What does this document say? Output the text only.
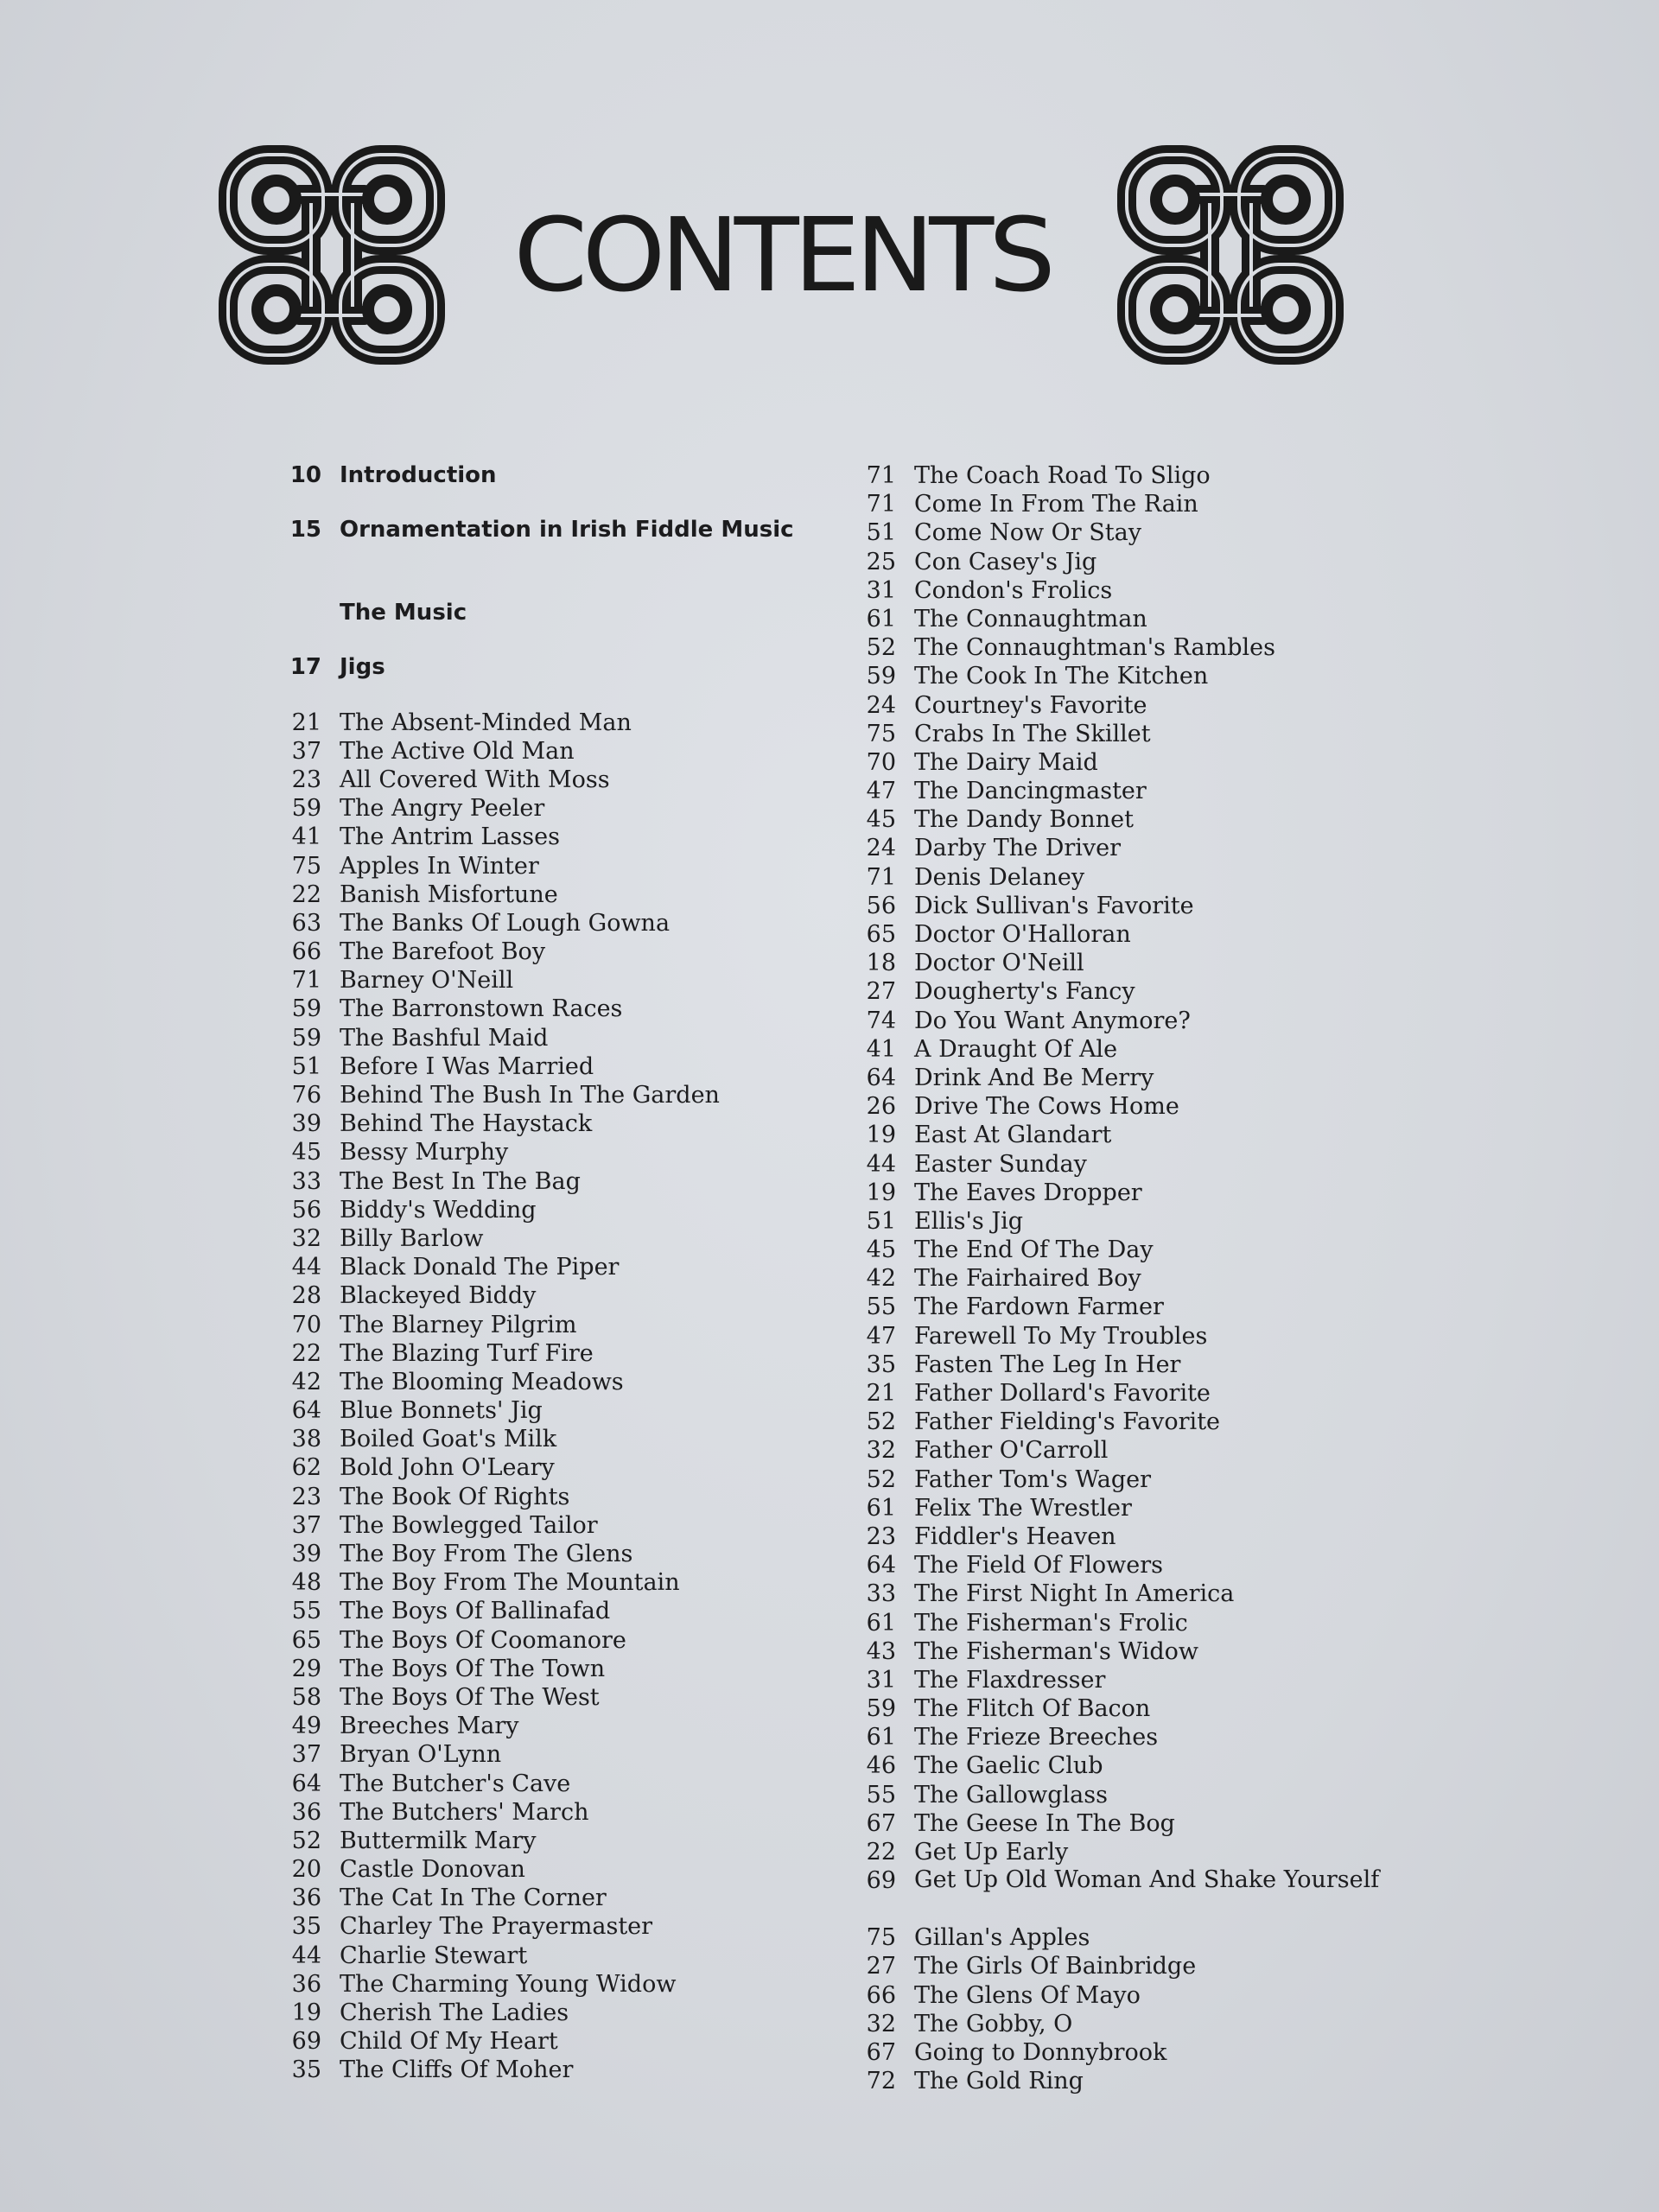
CONTENTS
10 Introduction
15 Ornamentation in Irish Fiddle Music
The Music
17 Jigs
21 The Absent-Minded Man
37 The Active Old Man
23 All Covered With Moss
59 The Angry Peeler
41 The Antrim Lasses
75 Apples In Winter
22 Banish Misfortune
63 The Banks Of Lough Gowna
66 The Barefoot Boy
71 Barney O'Neill
59 The Barronstown Races
59 The Bashful Maid
51 Before I Was Married
76 Behind The Bush In The Garden
39 Behind The Haystack
45 Bessy Murphy
33 The Best In The Bag
56 Biddy's Wedding
32 Billy Barlow
44 Black Donald The Piper
28 Blackeyed Biddy
70 The Blarney Pilgrim
22 The Blazing Turf Fire
42 The Blooming Meadows
64 Blue Bonnets' Jig
38 Boiled Goat's Milk
62 Bold John O'Leary
23 The Book Of Rights
37 The Bowlegged Tailor
39 The Boy From The Glens
48 The Boy From The Mountain
55 The Boys Of Ballinafad
65 The Boys Of Coomanore
29 The Boys Of The Town
58 The Boys Of The West
49 Breeches Mary
37 Bryan O'Lynn
64 The Butcher's Cave
36 The Butchers' March
52 Buttermilk Mary
20 Castle Donovan
36 The Cat In The Corner
35 Charley The Prayermaster
44 Charlie Stewart
36 The Charming Young Widow
19 Cherish The Ladies
69 Child Of My Heart
35 The Cliffs Of Moher
71 The Coach Road To Sligo
71 Come In From The Rain
51 Come Now Or Stay
25 Con Casey's Jig
31 Condon's Frolics
61 The Connaughtman
52 The Connaughtman's Rambles
59 The Cook In The Kitchen
24 Courtney's Favorite
75 Crabs In The Skillet
70 The Dairy Maid
47 The Dancingmaster
45 The Dandy Bonnet
24 Darby The Driver
71 Denis Delaney
56 Dick Sullivan's Favorite
65 Doctor O'Halloran
18 Doctor O'Neill
27 Dougherty's Fancy
74 Do You Want Anymore?
41 A Draught Of Ale
64 Drink And Be Merry
26 Drive The Cows Home
19 East At Glandart
44 Easter Sunday
19 The Eaves Dropper
51 Ellis's Jig
45 The End Of The Day
42 The Fairhaired Boy
55 The Fardown Farmer
47 Farewell To My Troubles
35 Fasten The Leg In Her
21 Father Dollard's Favorite
52 Father Fielding's Favorite
32 Father O'Carroll
52 Father Tom's Wager
61 Felix The Wrestler
23 Fiddler's Heaven
64 The Field Of Flowers
33 The First Night In America
61 The Fisherman's Frolic
43 The Fisherman's Widow
31 The Flaxdresser
59 The Flitch Of Bacon
61 The Frieze Breeches
46 The Gaelic Club
55 The Gallowglass
67 The Geese In The Bog
22 Get Up Early
69 Get Up Old Woman And Shake Yourself
75 Gillan's Apples
27 The Girls Of Bainbridge
66 The Glens Of Mayo
32 The Gobby, O
67 Going to Donnybrook
72 The Gold Ring
